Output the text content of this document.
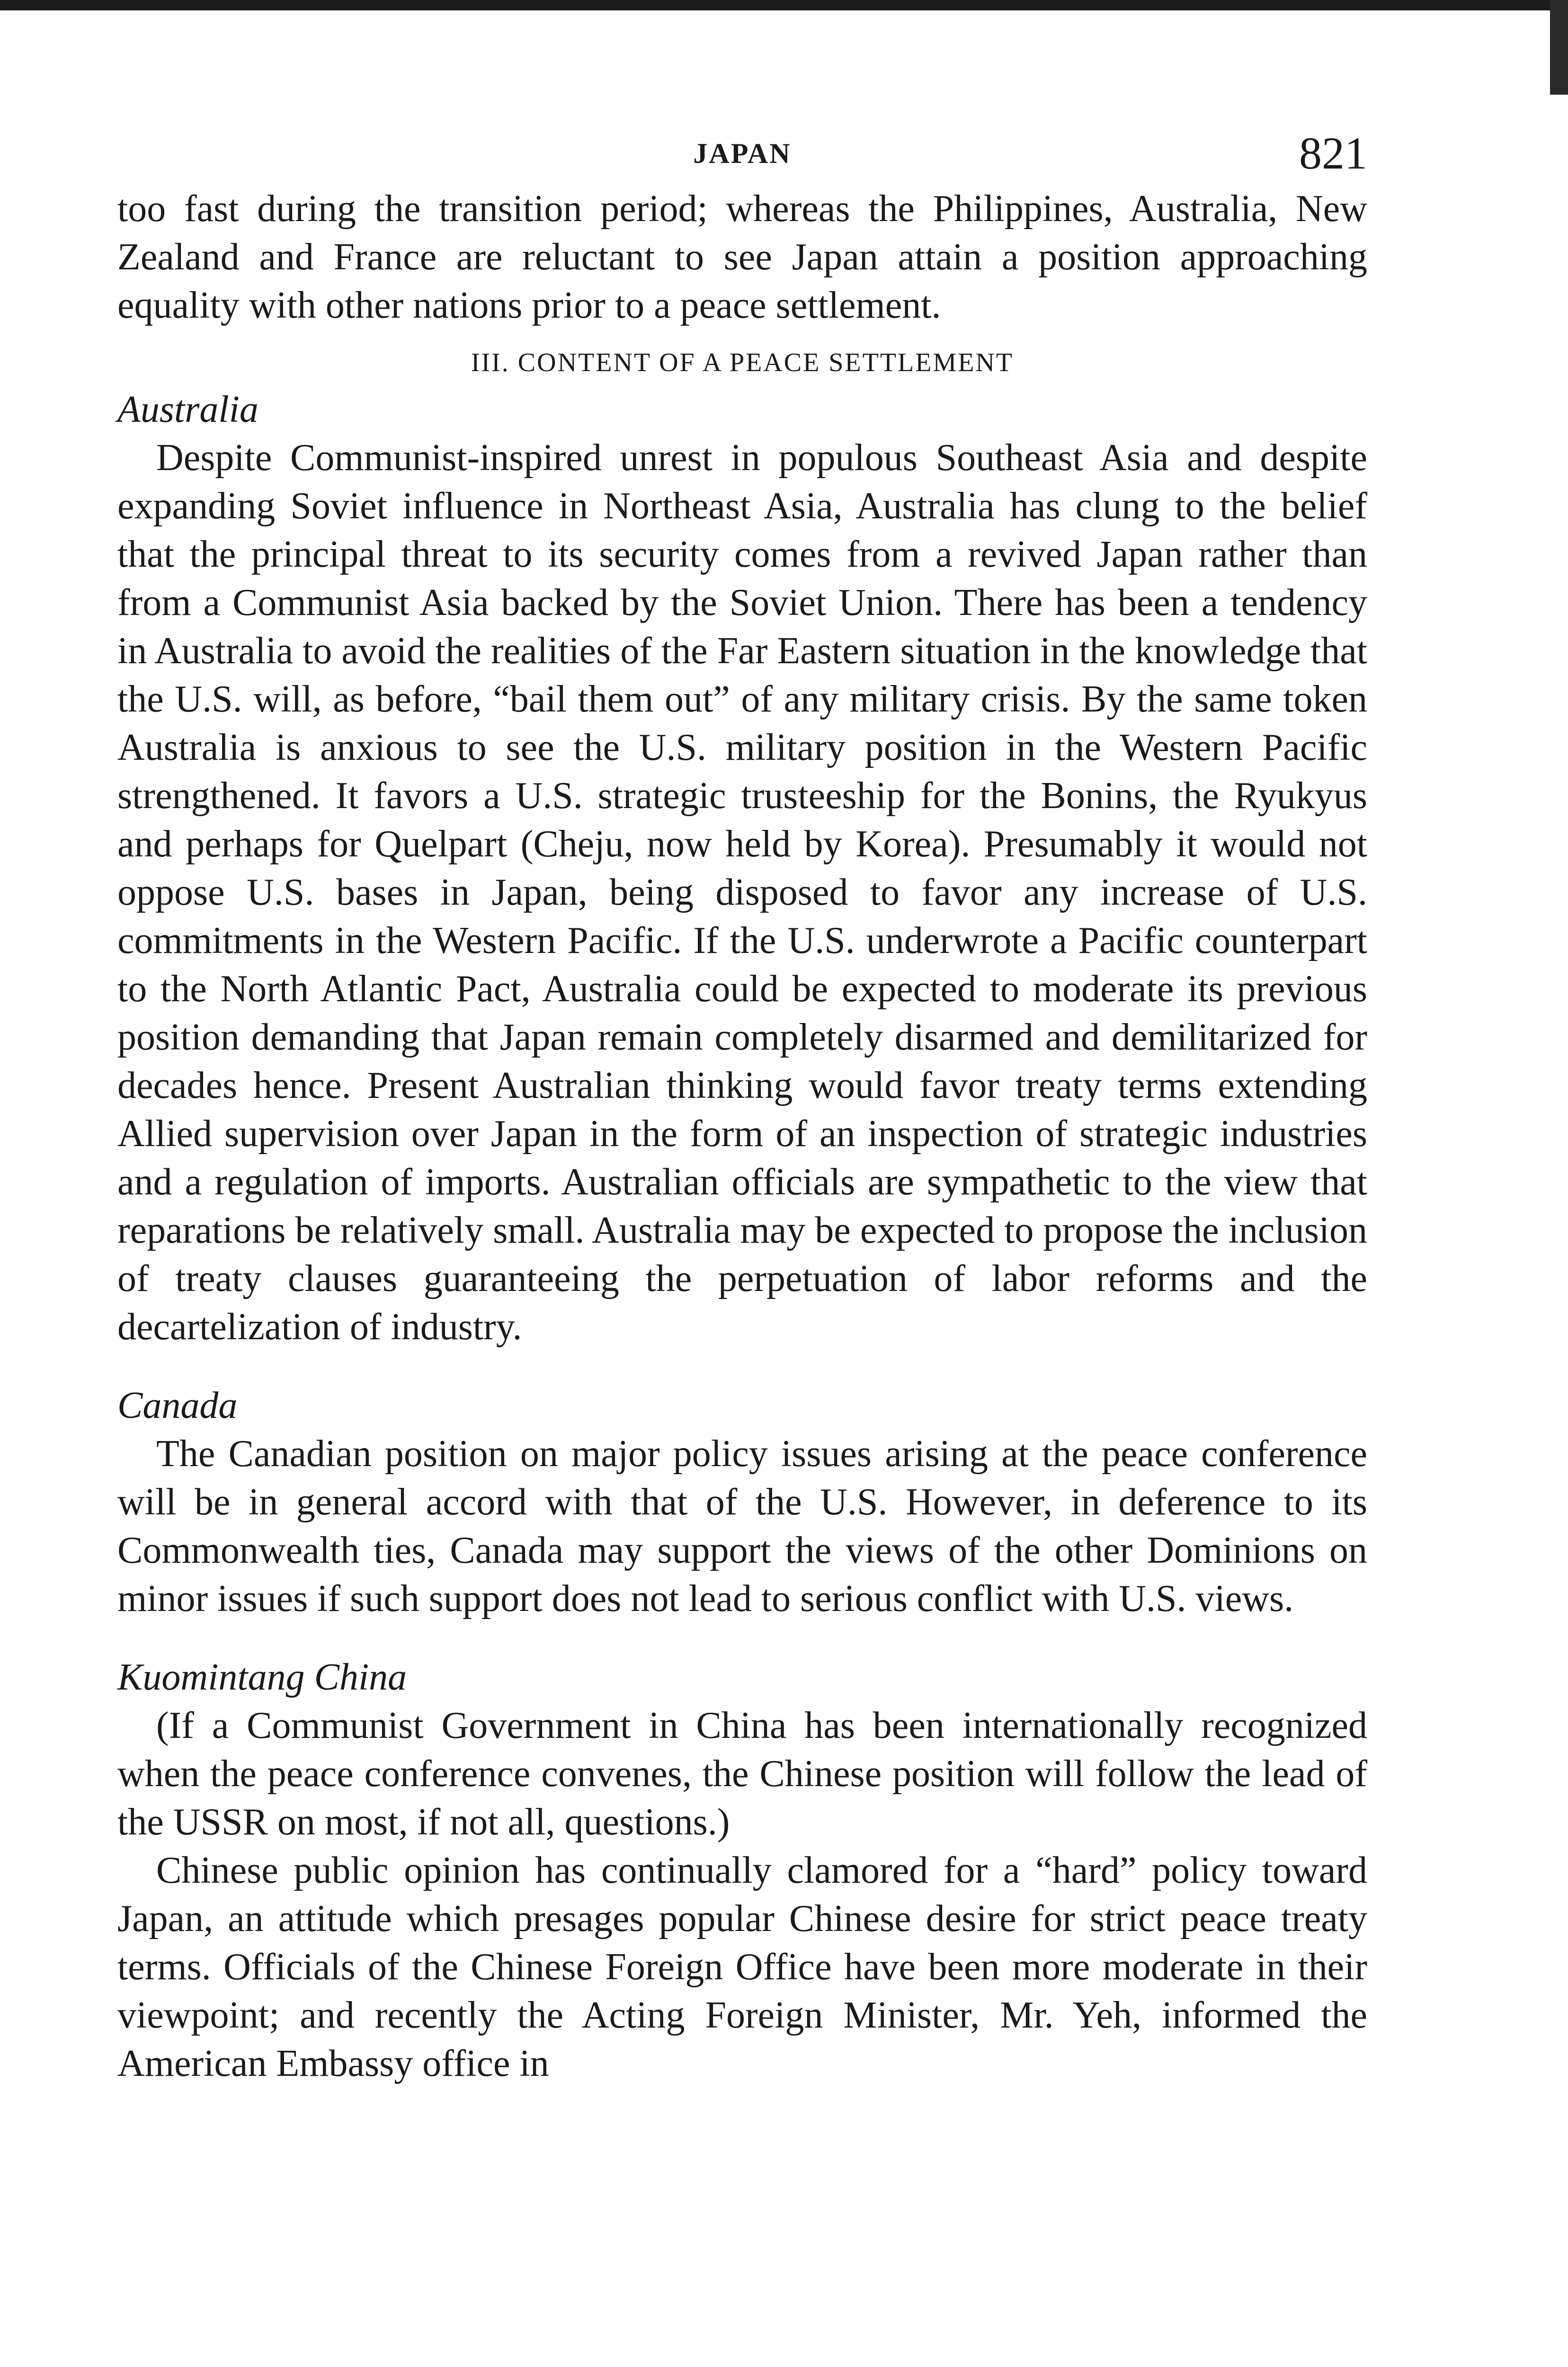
JAPAN	821

too fast during the transition period; whereas the Philippines, Australia, New Zealand and France are reluctant to see Japan attain a position approaching equality with other nations prior to a peace settlement.

III. CONTENT OF A PEACE SETTLEMENT
Australia

Despite Communist-inspired unrest in populous Southeast Asia and despite expanding Soviet influence in Northeast Asia, Australia has clung to the belief that the principal threat to its security comes from a revived Japan rather than from a Communist Asia backed by the Soviet Union. There has been a tendency in Australia to avoid the realities of the Far Eastern situation in the knowledge that the U.S. will, as before, “bail them out” of any military crisis. By the same token Australia is anxious to see the U.S. military position in the Western Pacific strengthened. It favors a U.S. strategic trusteeship for the Bonins, the Ryukyus and perhaps for Quelpart (Cheju, now held by Korea). Presumably it would not oppose U.S. bases in Japan, being disposed to favor any increase of U.S. commitments in the Western Pacific. If the U.S. underwrote a Pacific counterpart to the North Atlantic Pact, Australia could be expected to moderate its previous position demanding that Japan remain completely disarmed and demilitarized for decades hence. Present Australian thinking would favor treaty terms extending Allied supervision over Japan in the form of an inspection of strategic industries and a regulation of imports. Australian officials are sympathetic to the view that reparations be relatively small. Australia may be expected to propose the inclusion of treaty clauses guaranteeing the perpetuation of labor reforms and the decartelization of industry.

Canada

The Canadian position on major policy issues arising at the peace conference will be in general accord with that of the U.S. However, in deference to its Commonwealth ties, Canada may support the views of the other Dominions on minor issues if such support does not lead to serious conflict with U.S. views.

Kuomintang China

(If a Communist Government in China has been internationally recognized when the peace conference convenes, the Chinese position will follow the lead of the USSR on most, if not all, questions.)

Chinese public opinion has continually clamored for a “hard” policy toward Japan, an attitude which presages popular Chinese desire for strict peace treaty terms. Officials of the Chinese Foreign Office have been more moderate in their viewpoint; and recently the Acting Foreign Minister, Mr. Yeh, informed the American Embassy office in
